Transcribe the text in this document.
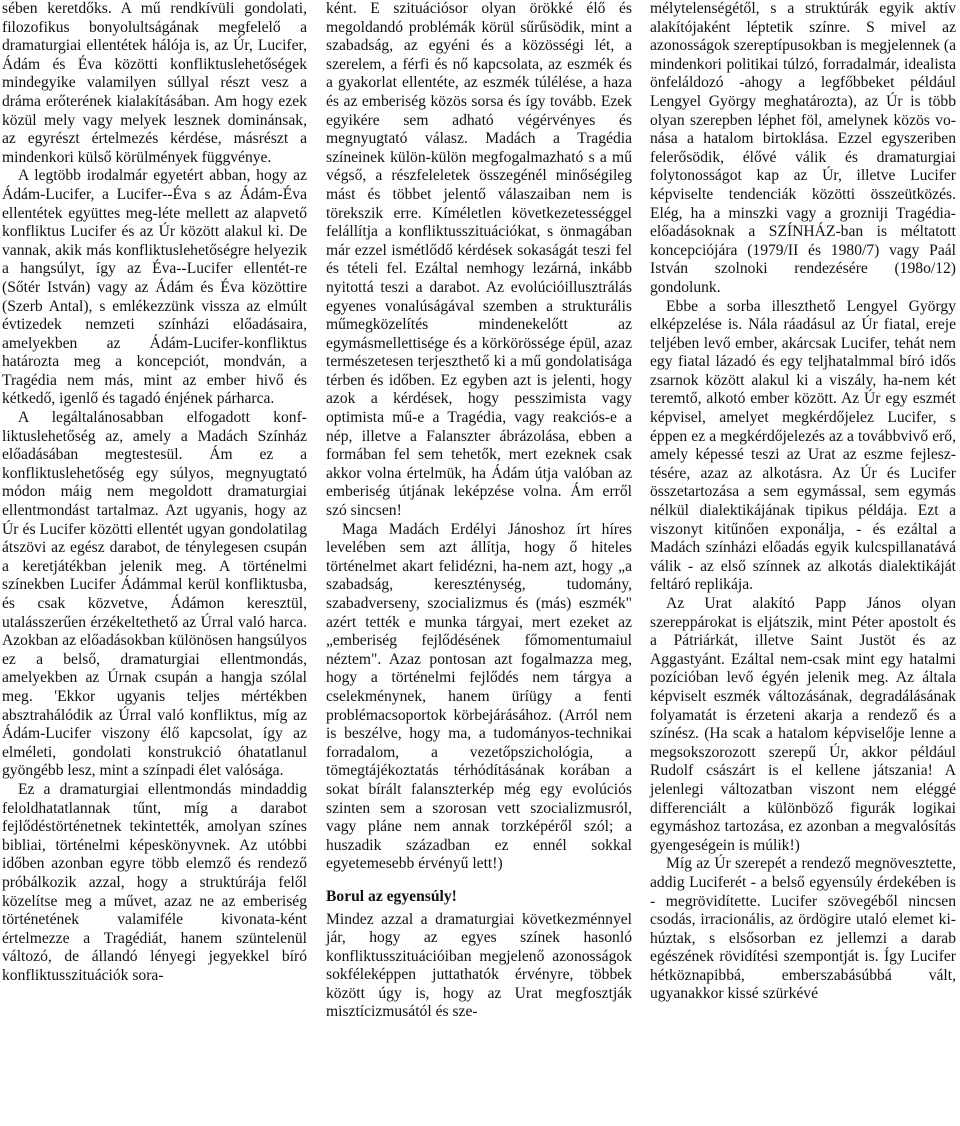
sében keretdőks. A mű rendkívüli gondolati, filozofikus bonyolultságának megfelelő a dramaturgiai ellentétek hálója is, az Úr, Lucifer, Ádám és Éva közötti konfliktuslehetőségek mindegyike valamilyen súllyal részt vesz a dráma erőterének kialakításában. Am hogy ezek közül mely vagy melyek lesznek dominánsak, az egyrészt értelmezés kérdése, másrészt a mindenkori külső körülmények függvénye.

A legtöbb irodalmár egyetért abban, hogy az Ádám-Lucifer, a Lucifer--Éva s az Ádám-Éva ellentétek együttes meg-léte mellett az alapvető konfliktus Lucifer és az Úr között alakul ki. De vannak, akik más konfliktuslehetőségre helyezik a hangsúlyt, így az Éva--Lucifer ellentét-re (Sőtér István) vagy az Ádám és Éva közöttire (Szerb Antal), s emlékezzünk vissza az elmúlt évtizedek nemzeti színházi előadásaira, amelyekben az Ádám-Lucifer-konfliktus határozta meg a koncepciót, mondván, a Tragédia nem más, mint az ember hivő és kétkedő, igenlő és tagadó énjének párharca.

A legáltalánosabban elfogadott konfliktuslehetőség az, amely a Madách Színház előadásában megtestesül. Ám ez a konfliktuslehetőség egy súlyos, megnyugtató módon máig nem megoldott dramaturgiai ellentmondást tartalmaz. Azt ugyanis, hogy az Úr és Lucifer közötti ellentét ugyan gondolatilag átszövi az egész darabot, de ténylegesen csupán a keretjátékban jelenik meg. A történelmi színekben Lucifer Ádámmal kerül konfliktusba, és csak közvetve, Ádámon keresztül, utalásszerűen érzékeltethető az Úrral való harca. Azokban az előadásokban különösen hangsúlyos ez a belső, dramaturgiai ellentmondás, amelyekben az Úrnak csupán a hangja szólal meg. 'Ekkor ugyanis teljes mértékben absztrahálódik az Úrral való konfliktus, míg az Ádám-Lucifer viszony élő kapcsolat, így az elméleti, gondolati konstrukció óhatatlanul gyöngébb lesz, mint a színpadi élet valósága.

Ez a dramaturgiai ellentmondás mindaddig feloldhatatlannak tűnt, míg a darabot fejlődéstörténetnek tekintették, amolyan színes bibliai, történelmi képeskönyvnek. Az utóbbi időben azonban egyre több elemző és rendező próbálkozik azzal, hogy a struktúrája felől közelítse meg a művet, azaz ne az emberiség történetének valamiféle kivonata-ként értelmezze a Tragédiát, hanem szüntelenül változó, de állandó lényegi jegyekkel bíró konfliktusszituációk sora-

ként. E szituációsor olyan örökké élő és megoldandó problémák körül sűrűsödik, mint a szabadság, az egyéni és a közösségi lét, a szerelem, a férfi és nő kapcsolata, az eszmék és a gyakorlat ellentéte, az eszmék túlélése, a haza és az emberiség közös sorsa és így tovább. Ezek egyikére sem adható végérvényes és megnyugtató válasz. Madách a Tragédia színeinek külön-külön megfogalmazható s a mű végső, a részfeleletek összegénél minőségileg mást és többet jelentő válaszaiban nem is törekszik erre. Kíméletlen következetességgel felállítja a konfliktusszituációkat, s önmagában már ezzel ismétlődő kérdések sokaságát teszi fel és tételi fel. Ezáltal nemhogy lezárná, inkább nyitottá teszi a darabot. Az evolúcióillusztrálás egyenes vonalúságával szemben a strukturális műmegközelítés mindenekelőtt az egymásmellettisége és a körkörössége épül, azaz természetesen terjeszthető ki a mű gondolatisága térben és időben. Ez egyben azt is jelenti, hogy azok a kérdések, hogy pesszimista vagy optimista mű-e a Tragédia, vagy reakciós-e a nép, illetve a Falanszter ábrázolása, ebben a formában fel sem tehetők, mert ezeknek csak akkor volna értelmük, ha Ádám útja valóban az emberiség útjának leképzése volna. Ám erről szó sincsen!

Maga Madách Erdélyi Jánoshoz írt híres levelében sem azt állítja, hogy ő hiteles történelmet akart felidézni, ha-nem azt, hogy „a szabadság, kereszténység, tudomány, szabadverseny, szocializmus és (más) eszmék" azért tették e munka tárgyai, mert ezeket az „emberiség fejlődésének főmomentumaiul néztem". Azaz pontosan azt fogalmazza meg, hogy a történelmi fejlődés nem tárgya a cselekménynek, hanem üríügy a fenti problémacsoportok körbejárásához. (Arról nem is beszélve, hogy ma, a tudományos-technikai forradalom, a vezetőpszichológia, a tömegtájékoztatás térhódításának korában a sokat bírált falanszterkép még egy evolúciós szinten sem a szorosan vett szocializmusról, vagy pláne nem annak torzképéről szól; a huszadik században ez ennél sokkal egyetemesebb érvényű lett!)

Borul az egyensúly!

Mindez azzal a dramaturgiai következménnyel jár, hogy az egyes színek hasonló konfliktusszituációiban megjelenő azonosságok sokféleképpen juttathatók érvényre, többek között úgy is, hogy az Urat megfosztják misztícizmusától és sze-

mélytelenségétől, s a struktúrák egyik aktív alakítójaként léptetik színre. S mivel az azonosságok szereptípusokban is megjelennek (a mindenkori politikai túlzó, forradalmár, idealista önfeláldozó -ahogy a legfőbbeket például Lengyel György meghatározta), az Úr is több olyan szerepben léphet föl, amelynek közös vonása a hatalom birtoklása. Ezzel egyszeriben felerősödik, élővé válik és dramaturgiai folytonosságot kap az Úr, illetve Lucifer képviselte tendenciák közötti összeütközés. Elég, ha a minszki vagy a grozniji Tragédia-előadásoknak a SZÍNHÁZ-ban is méltatott koncepciójára (1979/II és 1980/7) vagy Paál István szolnoki rendezésére (198o/12) gondolunk.

Ebbe a sorba illeszthető Lengyel György elképzelése is. Nála ráadásul az Úr fiatal, ereje teljében levő ember, akárcsak Lucifer, tehát nem egy fiatal lázadó és egy teljhatalmmal bíró idős zsarnok között alakul ki a viszály, ha-nem két teremtő, alkotó ember között. Az Úr egy eszmét képvisel, amelyet megkérdőjelez Lucifer, s éppen ez a megkérdőjelezés az a továbbvivő erő, amely képessé teszi az Urat az eszme fejlesztésére, azaz az alkotásra. Az Úr és Lucifer összetartozása a sem egymással, sem egymás nélkül dialektikájának tipikus példája. Ezt a viszonyt kitűnően exponálja, - és ezáltal a Madách színházi előadás egyik kulcspillanatává válik - az első színnek az alkotás dialektikáját feltáró replikája.

Az Urat alakító Papp János olyan szereppárokat is eljátszik, mint Péter apostolt és a Pátriárkát, illetve Saint Justöt és az Aggastyánt. Ezáltal nem-csak mint egy hatalmi pozícióban levő égyén jelenik meg. Az általa képviselt eszmék változásának, degradálásának folyamatát is érzeteni akarja a rendező és a színész. (Ha scak a hatalom képviselője lenne a megsokszorozott szerepű Úr, akkor például Rudolf császárt is el kellene játszania! A jelenlegi változatban viszont nem eléggé differenciált a különböző figurák logikai egymáshoz tartozása, ez azonban a megvalósítás gyengeségein is múlik!)

Míg az Úr szerepét a rendező megnövesztette, addig Luciferét - a belső egyensúly érdekében is - megrövidítette. Lucifer szövegéből nincsen csodás, irracionális, az ördögire utaló elemet kihúztak, s elsősorban ez jellemzi a darab egészének rövidítési szempontját is. Így Lucifer hétköznapibbá, emberszabásúbbá vált, ugyanakkor kissé szürkévé
